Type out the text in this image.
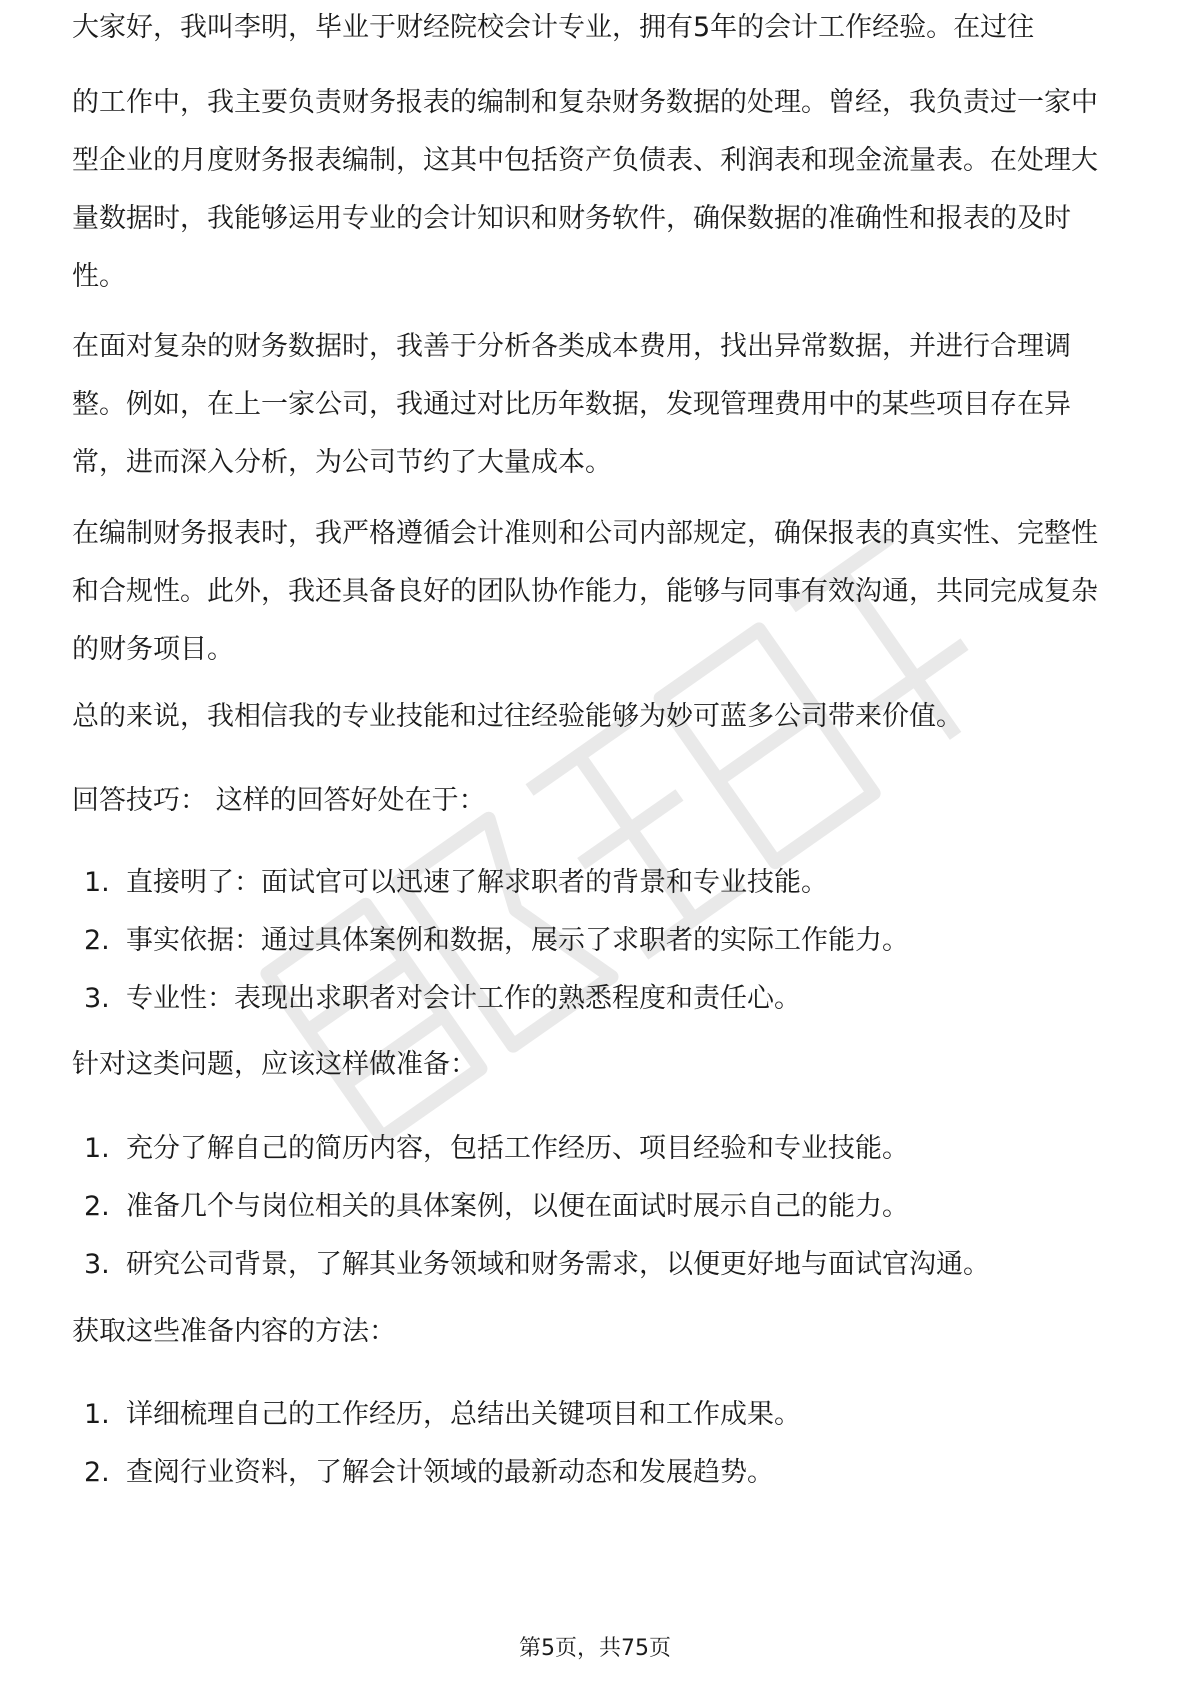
大家好，我叫李明，毕业于财经院校会计专业，拥有5年的会计工作经验。在过往

的工作中，我主要负责财务报表的编制和复杂财务数据的处理。曾经，我负责过一家中型企业的月度财务报表编制，这其中包括资产负债表、利润表和现金流量表。在处理大量数据时，我能够运用专业的会计知识和财务软件，确保数据的准确性和报表的及时性。

在面对复杂的财务数据时，我善于分析各类成本费用，找出异常数据，并进行合理调整。例如，在上一家公司，我通过对比历年数据，发现管理费用中的某些项目存在异常，进而深入分析，为公司节约了大量成本。

在编制财务报表时，我严格遵循会计准则和公司内部规定，确保报表的真实性、完整性和合规性。此外，我还具备良好的团队协作能力，能够与同事有效沟通，共同完成复杂的财务项目。

总的来说，我相信我的专业技能和过往经验能够为妙可蓝多公司带来价值。

回答技巧： 这样的回答好处在于：

1. 直接明了：面试官可以迅速了解求职者的背景和专业技能。
2. 事实依据：通过具体案例和数据，展示了求职者的实际工作能力。
3. 专业性：表现出求职者对会计工作的熟悉程度和责任心。

针对这类问题，应该这样做准备：

1. 充分了解自己的简历内容，包括工作经历、项目经验和专业技能。
2. 准备几个与岗位相关的具体案例，以便在面试时展示自己的能力。
3. 研究公司背景，了解其业务领域和财务需求，以便更好地与面试官沟通。

获取这些准备内容的方法：

1. 详细梳理自己的工作经历，总结出关键项目和工作成果。
2. 查阅行业资料，了解会计领域的最新动态和发展趋势。
第5页，共75页
